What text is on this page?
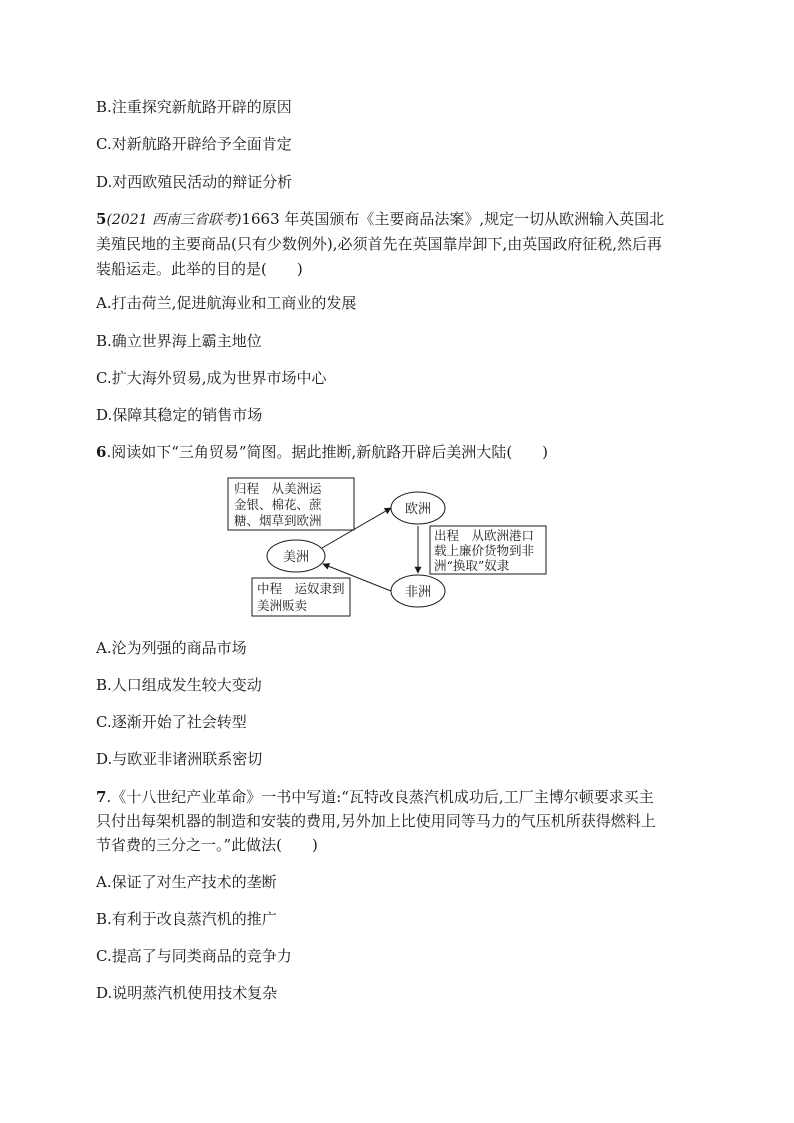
B.注重探究新航路开辟的原因
C.对新航路开辟给予全面肯定
D.对西欧殖民活动的辩证分析
5(2021 西南三省联考)1663 年英国颁布《主要商品法案》,规定一切从欧洲输入英国北
美殖民地的主要商品(只有少数例外),必须首先在英国靠岸卸下,由英国政府征税,然后再
装船运走。此举的目的是(　　)
A.打击荷兰,促进航海业和工商业的发展
B.确立世界海上霸主地位
C.扩大海外贸易,成为世界市场中心
D.保障其稳定的销售市场
6.阅读如下“三角贸易”简图。据此推断,新航路开辟后美洲大陆(　　)
归程　从美洲运
金银、棉花、蔗
糖、烟草到欧洲
出程　从欧洲港口
载上廉价货物到非
洲“换取”奴隶
中程　运奴隶到
美洲贩卖
欧洲
美洲
非洲
A.沦为列强的商品市场
B.人口组成发生较大变动
C.逐渐开始了社会转型
D.与欧亚非诸洲联系密切
7.《十八世纪产业革命》一书中写道:“瓦特改良蒸汽机成功后,工厂主博尔顿要求买主
只付出每架机器的制造和安装的费用,另外加上比使用同等马力的气压机所获得燃料上
节省费的三分之一。”此做法(　　)
A.保证了对生产技术的垄断
B.有利于改良蒸汽机的推广
C.提高了与同类商品的竞争力
D.说明蒸汽机使用技术复杂
